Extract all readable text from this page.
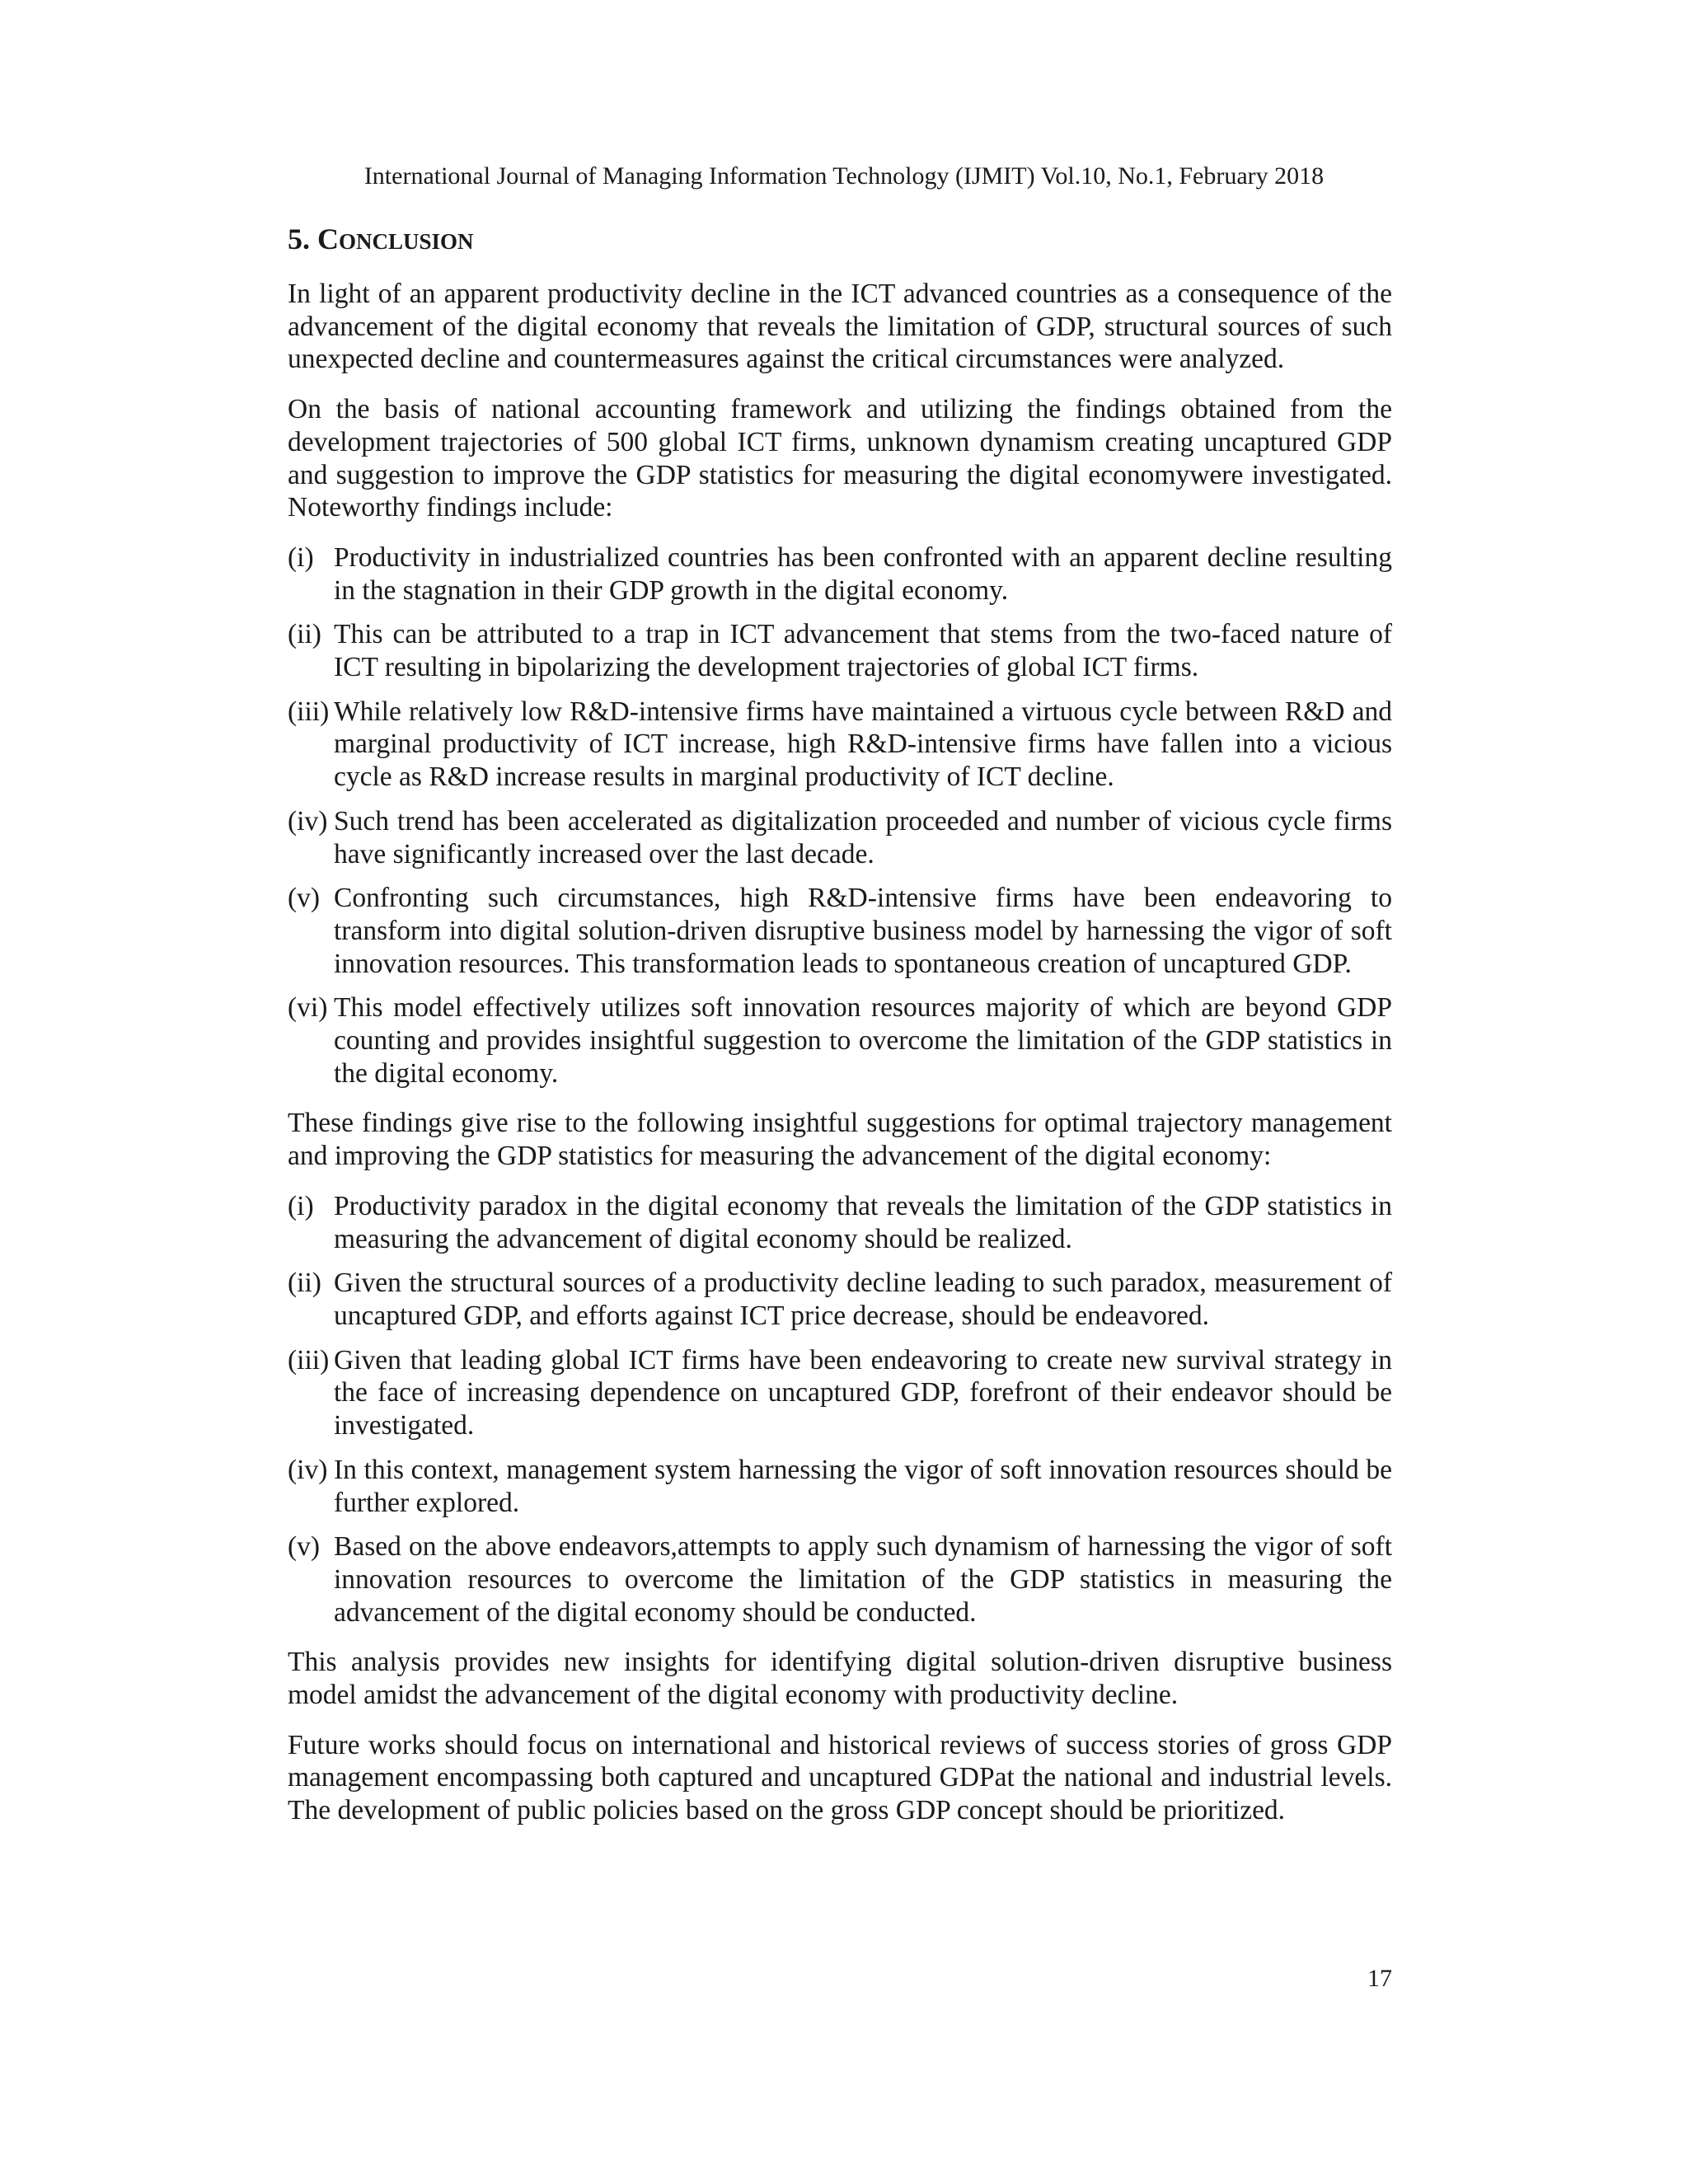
International Journal of Managing Information Technology (IJMIT) Vol.10, No.1, February 2018
5. CONCLUSION

In light of an apparent productivity decline in the ICT advanced countries as a consequence of the advancement of the digital economy that reveals the limitation of GDP, structural sources of such unexpected decline and countermeasures against the critical circumstances were analyzed.

On the basis of national accounting framework and utilizing the findings obtained from the development trajectories of 500 global ICT firms, unknown dynamism creating uncaptured GDP and suggestion to improve the GDP statistics for measuring the digital economywere investigated. Noteworthy findings include:

(i) Productivity in industrialized countries has been confronted with an apparent decline resulting in the stagnation in their GDP growth in the digital economy.
(ii) This can be attributed to a trap in ICT advancement that stems from the two-faced nature of ICT resulting in bipolarizing the development trajectories of global ICT firms.
(iii) While relatively low R&D-intensive firms have maintained a virtuous cycle between R&D and marginal productivity of ICT increase, high R&D-intensive firms have fallen into a vicious cycle as R&D increase results in marginal productivity of ICT decline.
(iv) Such trend has been accelerated as digitalization proceeded and number of vicious cycle firms have significantly increased over the last decade.
(v) Confronting such circumstances, high R&D-intensive firms have been endeavoring to transform into digital solution-driven disruptive business model by harnessing the vigor of soft innovation resources. This transformation leads to spontaneous creation of uncaptured GDP.
(vi) This model effectively utilizes soft innovation resources majority of which are beyond GDP counting and provides insightful suggestion to overcome the limitation of the GDP statistics in the digital economy.

These findings give rise to the following insightful suggestions for optimal trajectory management and improving the GDP statistics for measuring the advancement of the digital economy:

(i) Productivity paradox in the digital economy that reveals the limitation of the GDP statistics in measuring the advancement of digital economy should be realized.
(ii) Given the structural sources of a productivity decline leading to such paradox, measurement of uncaptured GDP, and efforts against ICT price decrease, should be endeavored.
(iii) Given that leading global ICT firms have been endeavoring to create new survival strategy in the face of increasing dependence on uncaptured GDP, forefront of their endeavor should be investigated.
(iv) In this context, management system harnessing the vigor of soft innovation resources should be further explored.
(v) Based on the above endeavors,attempts to apply such dynamism of harnessing the vigor of soft innovation resources to overcome the limitation of the GDP statistics in measuring the advancement of the digital economy should be conducted.

This analysis provides new insights for identifying digital solution-driven disruptive business model amidst the advancement of the digital economy with productivity decline.

Future works should focus on international and historical reviews of success stories of gross GDP management encompassing both captured and uncaptured GDPat the national and industrial levels. The development of public policies based on the gross GDP concept should be prioritized.

17
